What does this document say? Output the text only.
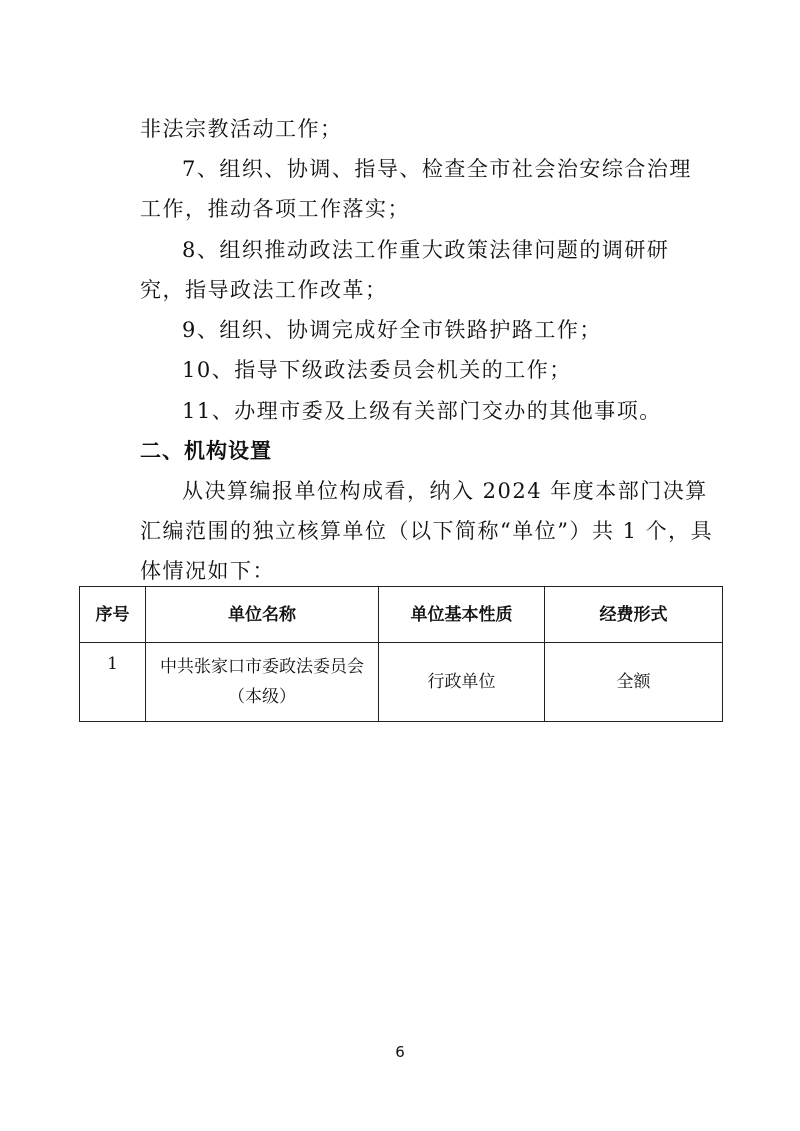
非法宗教活动工作；
7、组织、协调、指导、检查全市社会治安综合治理
工作，推动各项工作落实；
8、组织推动政法工作重大政策法律问题的调研研
究，指导政法工作改革；
9、组织、协调完成好全市铁路护路工作；
10、指导下级政法委员会机关的工作；
11、办理市委及上级有关部门交办的其他事项。
二、机构设置
从决算编报单位构成看，纳入 2024 年度本部门决算
汇编范围的独立核算单位（以下简称“单位”）共 1 个，具
体情况如下：
序号	单位名称	单位基本性质	经费形式
1	中共张家口市委政法委员会（本级）	行政单位	全额
6
